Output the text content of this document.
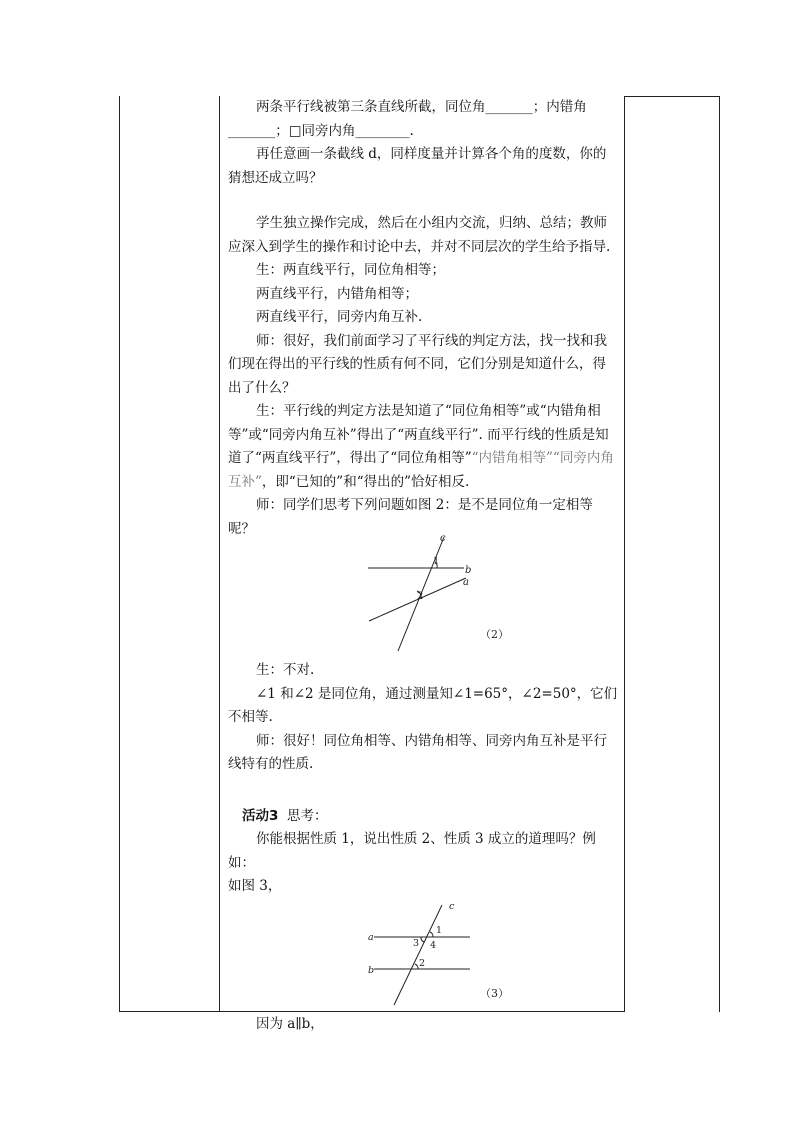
两条平行线被第三条直线所截，同位角_______；内错角_______；□同旁内角________.

再任意画一条截线 d，同样度量并计算各个角的度数，你的猜想还成立吗？

学生独立操作完成，然后在小组内交流，归纳、总结；教师应深入到学生的操作和讨论中去，并对不同层次的学生给予指导.

生：两直线平行，同位角相等；

两直线平行，内错角相等；

两直线平行，同旁内角互补.

师：很好，我们前面学习了平行线的判定方法，找一找和我们现在得出的平行线的性质有何不同，它们分别是知道什么，得出了什么？

生：平行线的判定方法是知道了“同位角相等”或“内错角相等”或“同旁内角互补”得出了“两直线平行”. 而平行线的性质是知道了“两直线平行”，得出了“同位角相等”“内错角相等”“同旁内角互补”，即“已知的”和“得出的”恰好相反.

师：同学们思考下列问题如图 2：是不是同位角一定相等呢？

c
b
a
1
2
（2）

生：不对.

∠1 和∠2 是同位角，通过测量知∠1=65°，∠2=50°，它们不相等.

师：很好！同位角相等、内错角相等、同旁内角互补是平行线特有的性质.

活动3 思考：

你能根据性质 1，说出性质 2、性质 3 成立的道理吗？例如：

如图 3，

a
b
c
1
3 4
2
（3）

因为 a∥b，
